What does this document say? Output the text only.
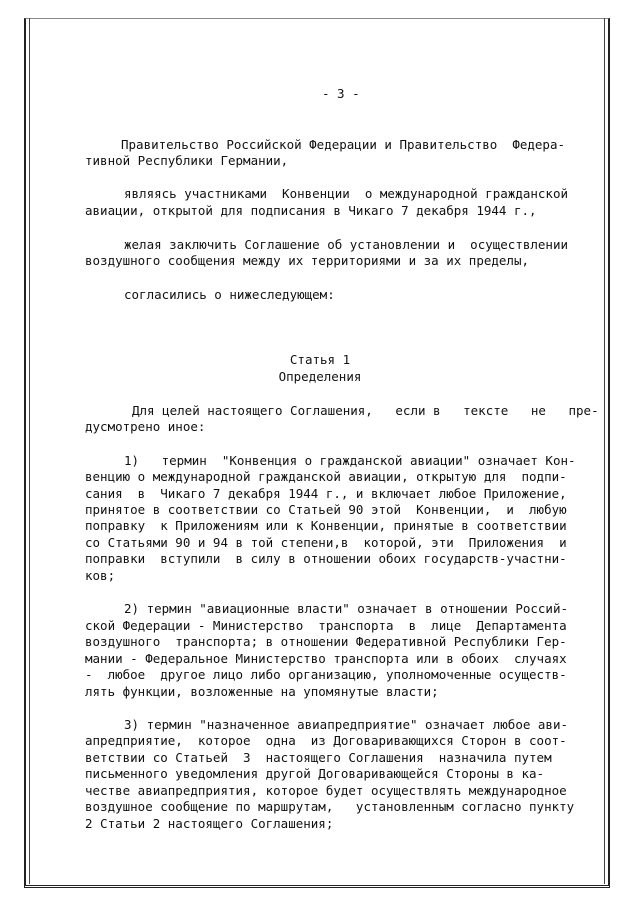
- 3 -
Правительство Российской Федерации и Правительство  Федера-
тивной Республики Германии,
являясь участниками  Конвенции  о международной гражданской
авиации, открытой для подписания в Чикаго 7 декабря 1944 г.,
желая заключить Соглашение об установлении и  осуществлении
воздушного сообщения между их территориями и за их пределы,
согласились о нижеследующем:
Статья 1
Определения
Для целей настоящего Соглашения,   если в   тексте   не   пре-
дусмотрено иное:
1)   термин  "Конвенция о гражданской авиации" означает Кон-
венцию о международной гражданской авиации, открытую для  подпи-
сания  в  Чикаго 7 декабря 1944 г., и включает любое Приложение,
принятое в соответствии со Статьей 90 этой  Конвенции,  и  любую
поправку  к Приложениям или к Конвенции, принятые в соответствии
со Статьями 90 и 94 в той степени,в  которой, эти  Приложения  и
поправки  вступили  в силу в отношении обоих государств-участни-
ков;
2) термин "авиационные власти" означает в отношении Россий-
ской Федерации - Министерство  транспорта  в  лице  Департамента
воздушного  транспорта; в отношении Федеративной Республики Гер-
мании - Федеральное Министерство транспорта или в обоих  случаях
-  любое  другое лицо либо организацию, уполномоченные осуществ-
лять функции, возложенные на упомянутые власти;
3) термин "назначенное авиапредприятие" означает любое ави-
апредприятие,  которое  одна  из Договаривающихся Сторон в соот-
ветствии со Статьей  3  настоящего Соглашения  назначила путем
письменного уведомления другой Договаривающейся Стороны в ка-
честве авиапредприятия, которое будет осуществлять международное
воздушное сообщение по маршрутам,   установленным согласно пункту
2 Статьи 2 настоящего Соглашения;
